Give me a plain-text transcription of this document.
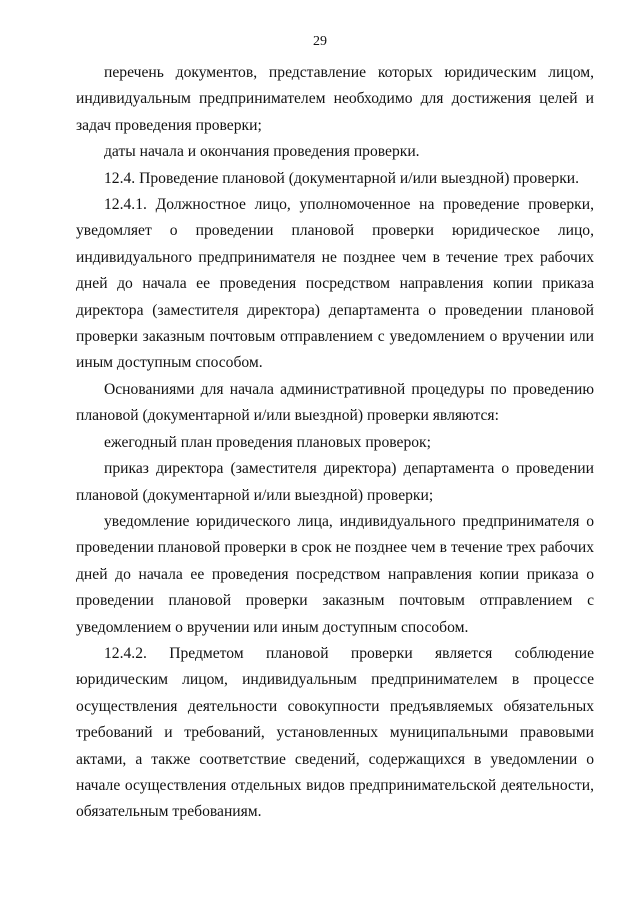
29

перечень документов, представление которых юридическим лицом, индивидуальным предпринимателем необходимо для достижения целей и задач проведения проверки;

даты начала и окончания проведения проверки.

12.4. Проведение плановой (документарной и/или выездной) проверки.

12.4.1. Должностное лицо, уполномоченное на проведение проверки, уведомляет о проведении плановой проверки юридическое лицо, индивидуального предпринимателя не позднее чем в течение трех рабочих дней до начала ее проведения посредством направления копии приказа директора (заместителя директора) департамента о проведении плановой проверки заказным почтовым отправлением с уведомлением о вручении или иным доступным способом.

Основаниями для начала административной процедуры по проведению плановой (документарной и/или выездной) проверки являются:

ежегодный план проведения плановых проверок;

приказ директора (заместителя директора) департамента о проведении плановой (документарной и/или выездной) проверки;

уведомление юридического лица, индивидуального предпринимателя о проведении плановой проверки в срок не позднее чем в течение трех рабочих дней до начала ее проведения посредством направления копии приказа о проведении плановой проверки заказным почтовым отправлением с уведомлением о вручении или иным доступным способом.

12.4.2. Предметом плановой проверки является соблюдение юридическим лицом, индивидуальным предпринимателем в процессе осуществления деятельности совокупности предъявляемых обязательных требований и требований, установленных муниципальными правовыми актами, а также соответствие сведений, содержащихся в уведомлении о начале осуществления отдельных видов предпринимательской деятельности, обязательным требованиям.
